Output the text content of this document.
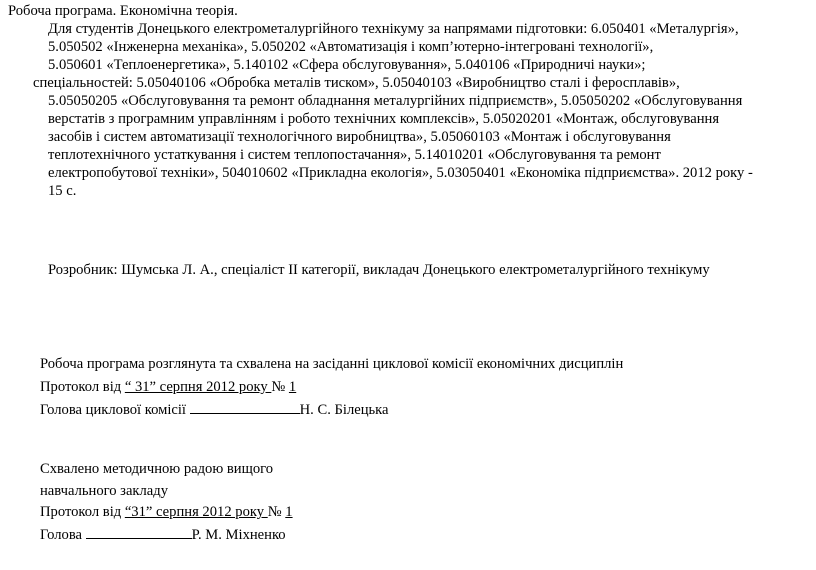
Робоча програма. Економічна теорія.
Для студентів Донецького електрометалургійного технікуму за напрямами підготовки: 6.050401 «Металургія»,
5.050502 «Інженерна механіка», 5.050202 «Автоматизація і комп’ютерно-інтегровані технології»,
5.050601 «Теплоенергетика», 5.140102 «Сфера обслуговування», 5.040106 «Природничі науки»;
спеціальностей: 5.05040106 «Обробка металів тиском», 5.05040103 «Виробництво сталі і феросплавів»,
5.05050205 «Обслуговування та ремонт обладнання металургійних підприємств», 5.05050202 «Обслуговування
верстатів з програмним управлінням і робото технічних комплексів», 5.05020201 «Монтаж, обслуговування
засобів і систем автоматизації технологічного виробництва», 5.05060103 «Монтаж і обслуговування
теплотехнічного устаткування і систем теплопостачання», 5.14010201 «Обслуговування та ремонт
електропобутової техніки», 504010602 «Прикладна екологія», 5.03050401 «Економіка підприємства». 2012 року -
15 с.
Розробник: Шумська Л. А., спеціаліст ІІ категорії, викладач Донецького електрометалургійного технікуму
Робоча програма розглянута та схвалена на засіданні циклової комісії економічних дисциплін
Протокол від “ 31” серпня 2012 року № 1
Голова циклової комісії	Н. С. Білецька
Схвалено методичною радою вищого
навчального закладу
Протокол від “31” серпня 2012 року № 1
Голова	Р. М. Міхненко
